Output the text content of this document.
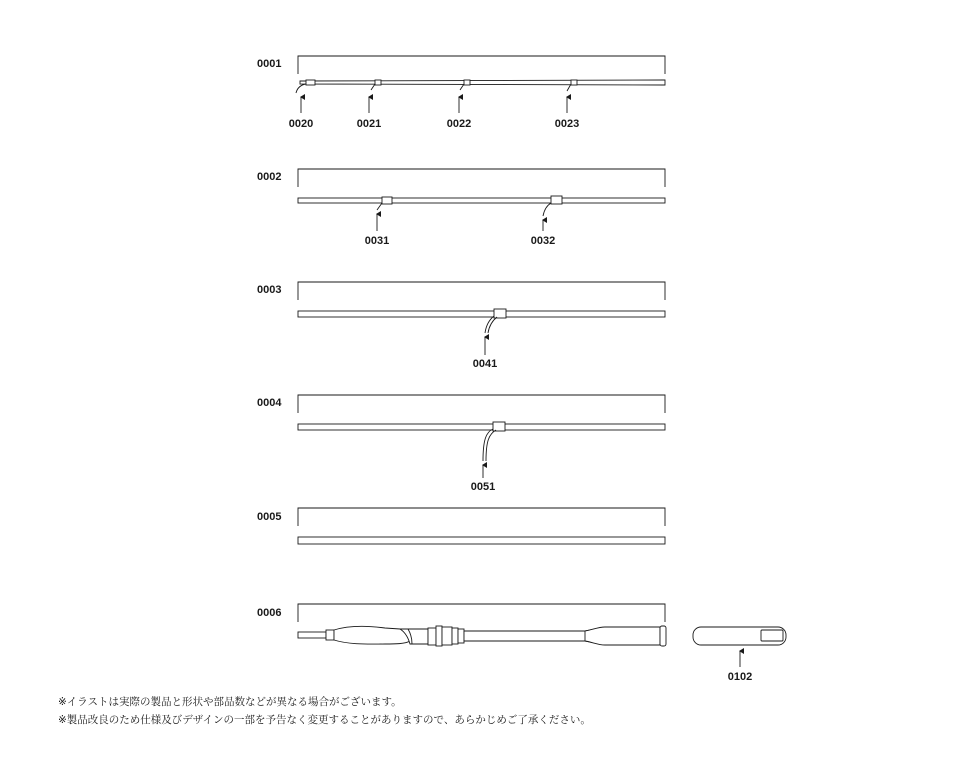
0001
0020	0021	0022	0023
0002
0031	0032
0003
0041
0004
0051
0005
0006
0102
※イラストは実際の製品と形状や部品数などが異なる場合がございます。
※製品改良のため仕様及びデザインの一部を予告なく変更することがありますので、あらかじめご了承ください。
